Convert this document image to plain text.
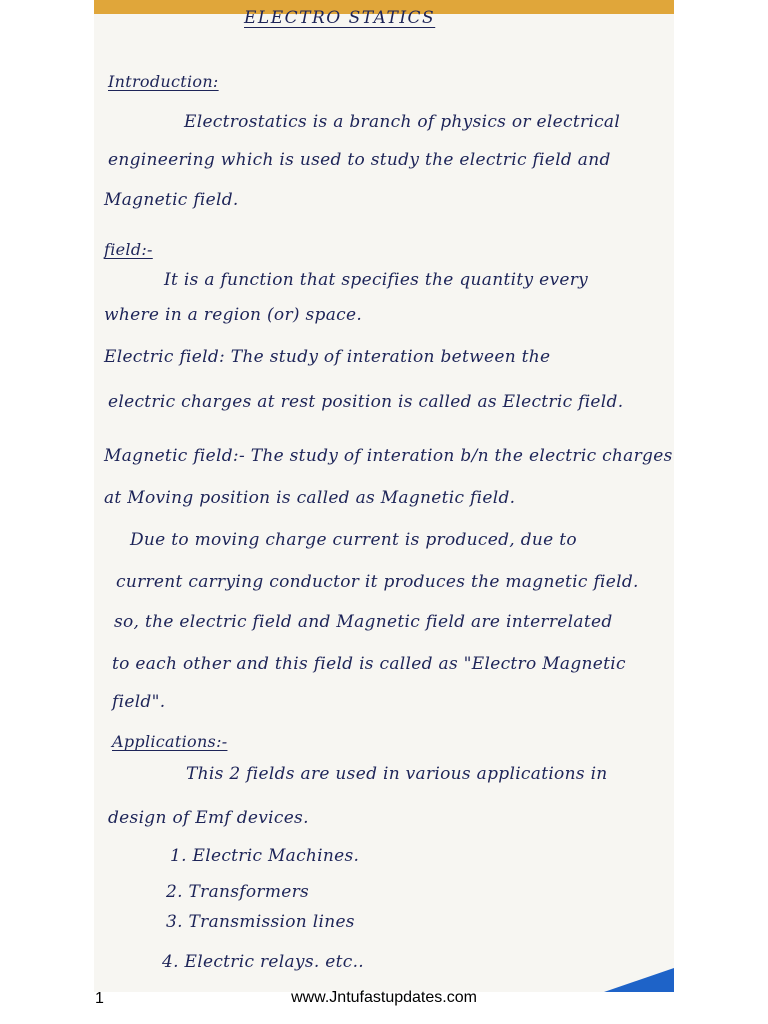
ELECTRO STATICS

Introduction:

Electrostatics is a branch of physics or electrical

engineering which is used to study the electric field and

Magnetic field.

field:-

It is a function that specifies the quantity every

where in a region (or) space.

Electric field: The study of interation between the

electric charges at rest position is called as Electric field.

Magnetic field:- The study of interation b/n the electric charges

at Moving position is called as Magnetic field.

Due to moving charge current is produced, due to

current carrying conductor it produces the magnetic field.

so, the electric field and Magnetic field are interrelated

to each other and this field is called as "Electro Magnetic

field".

Applications:-

This 2 fields are used in various applications in

design of Emf devices.

1. Electric Machines.

2. Transformers

3. Transmission lines

4. Electric relays. etc..

1	www.Jntufastupdates.com
